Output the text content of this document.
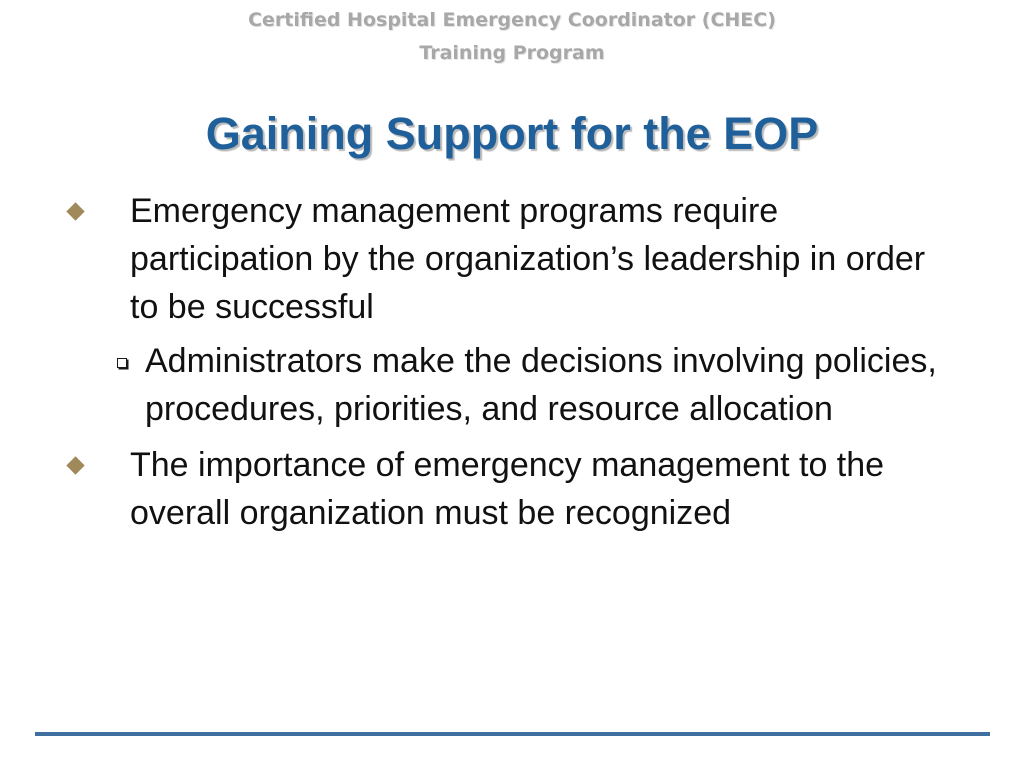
Certified Hospital Emergency Coordinator (CHEC)
Training Program
Gaining Support for the EOP
Emergency management programs require participation by the organization’s leadership in order to be successful
Administrators make the decisions involving policies, procedures, priorities, and resource allocation
The importance of emergency management to the overall organization must be recognized
